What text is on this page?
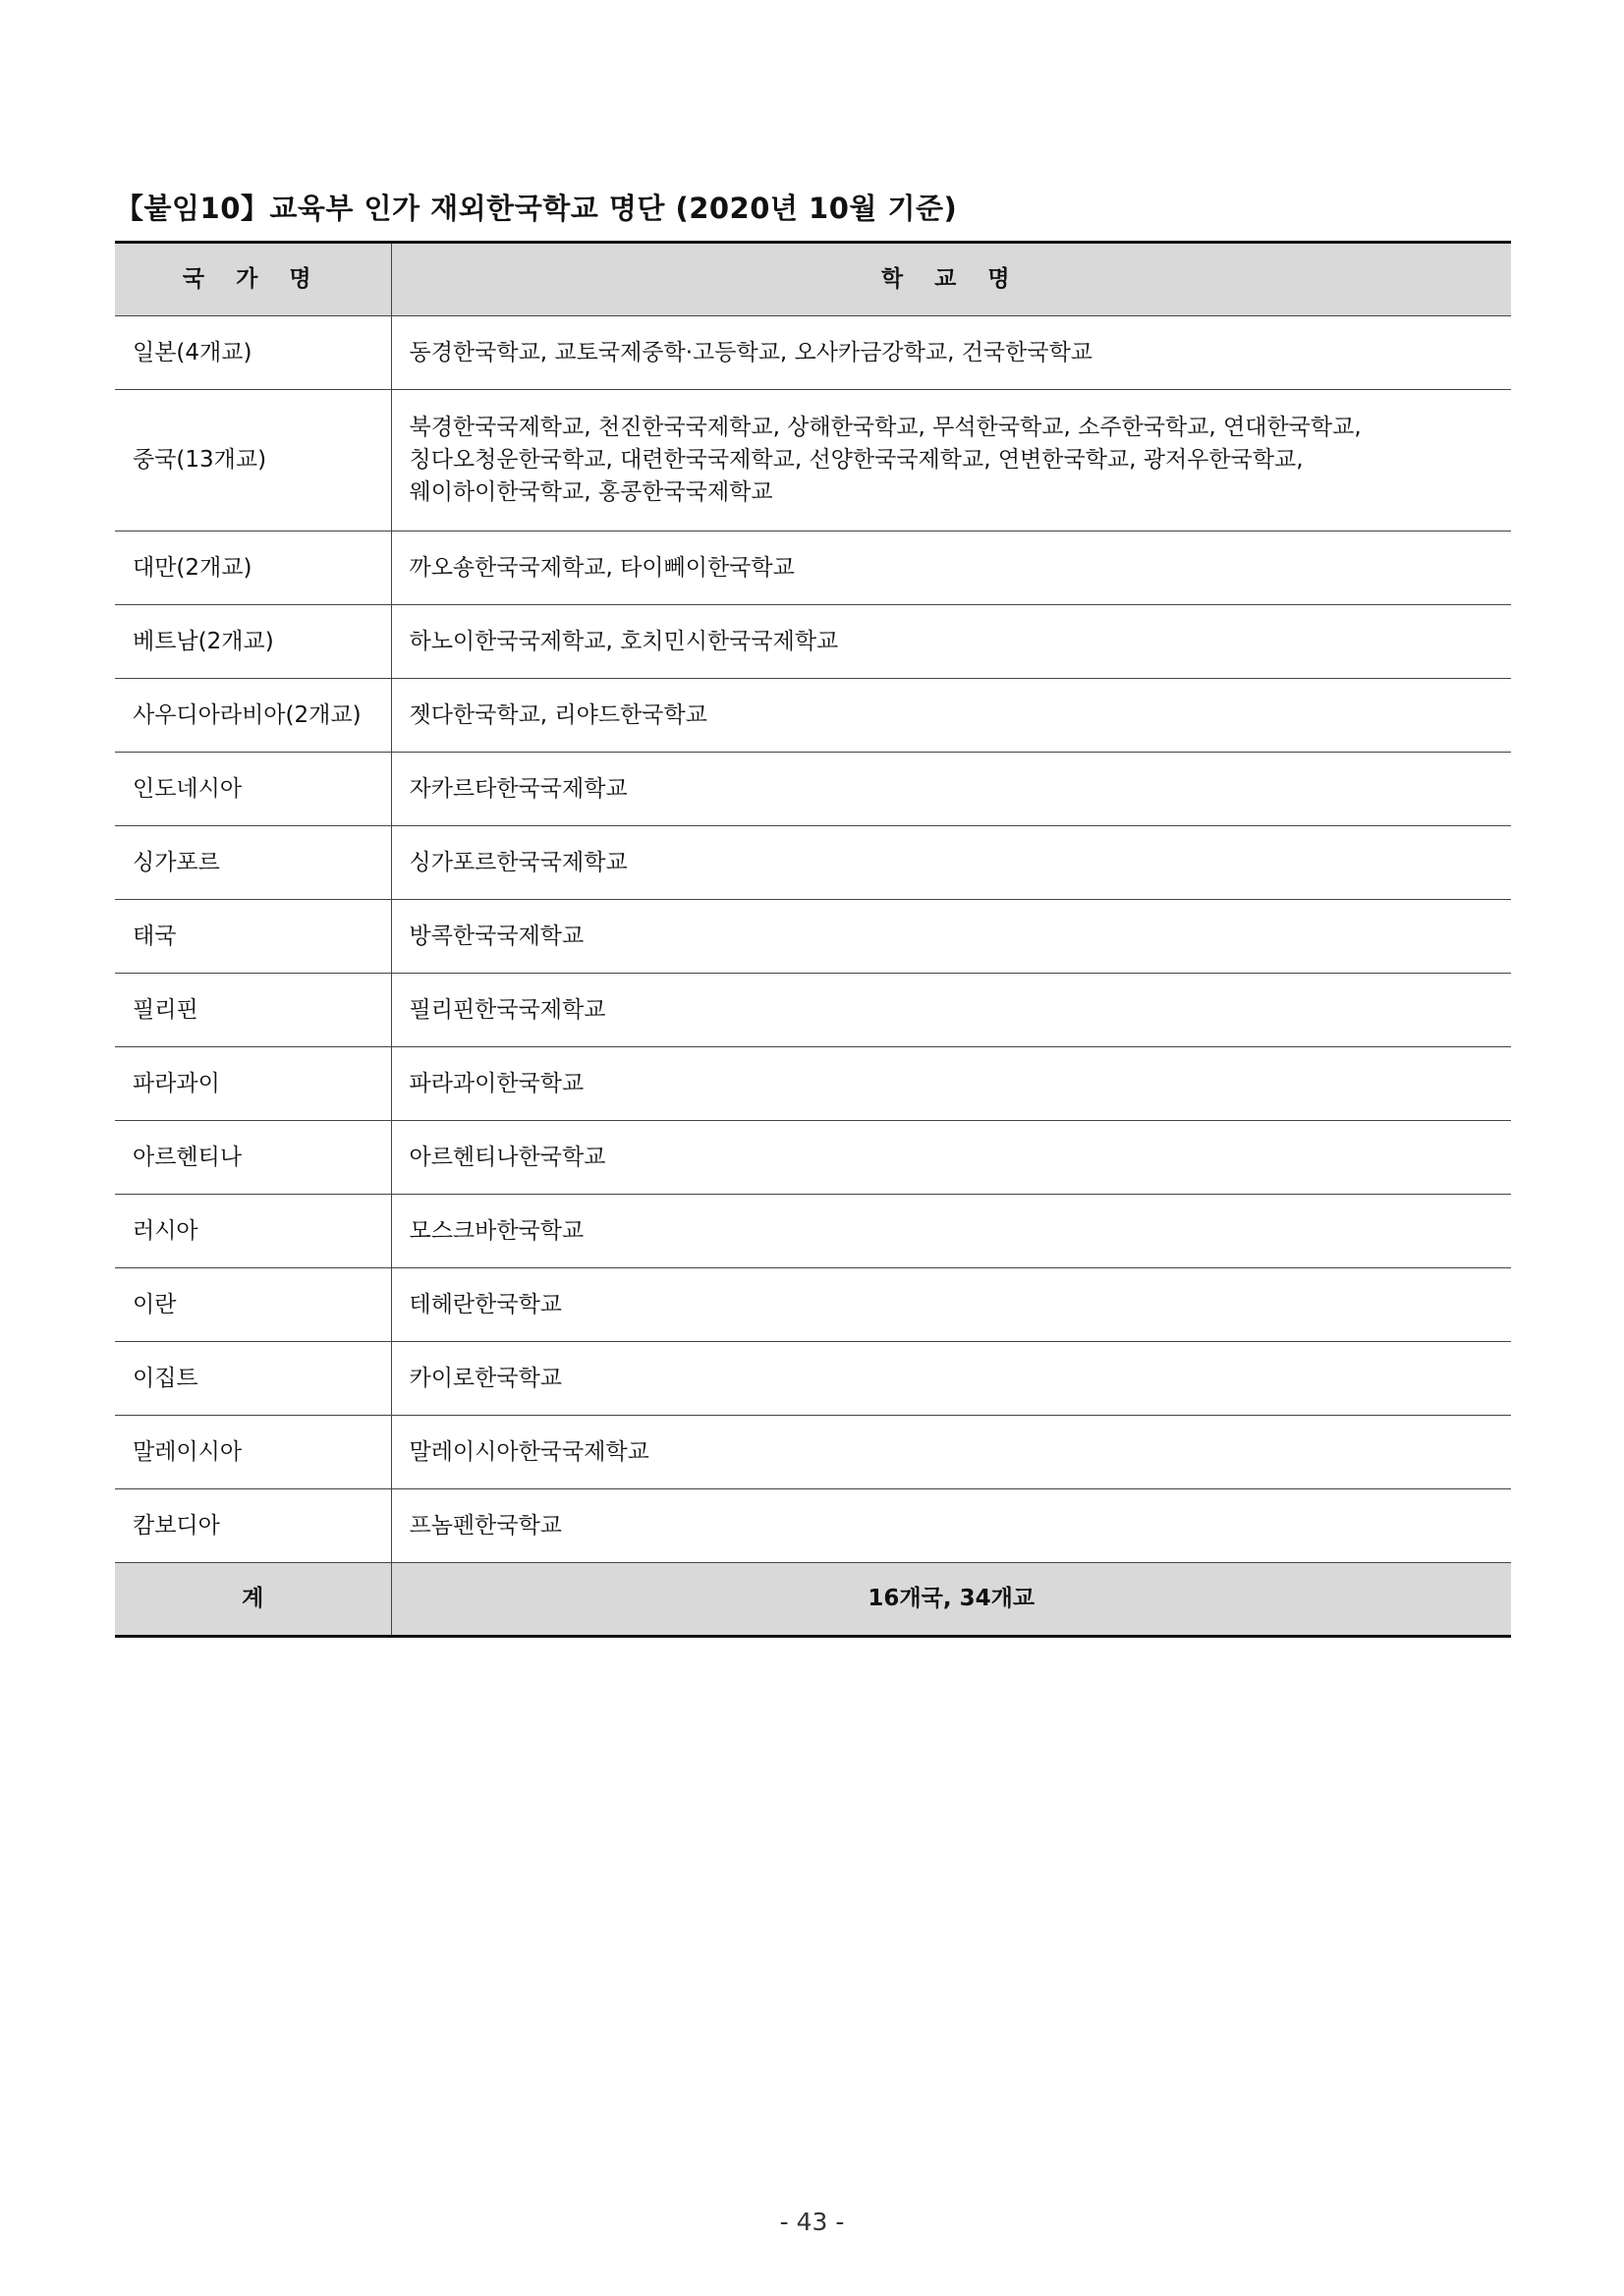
【붙임10】교육부 인가 재외한국학교 명단 (2020년 10월 기준)
국 가 명	학 교 명
일본(4개교)	동경한국학교, 교토국제중학·고등학교, 오사카금강학교, 건국한국학교

중국(13개교)	북경한국국제학교, 천진한국국제학교, 상해한국학교, 무석한국학교, 소주한국학교, 연대한국학교,
칭다오청운한국학교, 대련한국국제학교, 선양한국국제학교, 연변한국학교, 광저우한국학교,
웨이하이한국학교, 홍콩한국국제학교

대만(2개교)	까오숑한국국제학교, 타이뻬이한국학교

베트남(2개교)	하노이한국국제학교, 호치민시한국국제학교

사우디아라비아(2개교)	젯다한국학교, 리야드한국학교

인도네시아	자카르타한국국제학교

싱가포르	싱가포르한국국제학교

태국	방콕한국국제학교

필리핀	필리핀한국국제학교

파라과이	파라과이한국학교

아르헨티나	아르헨티나한국학교

러시아	모스크바한국학교

이란	테헤란한국학교

이집트	카이로한국학교

말레이시아	말레이시아한국국제학교

캄보디아	프놈펜한국학교

계	16개국, 34개교
- 43 -
